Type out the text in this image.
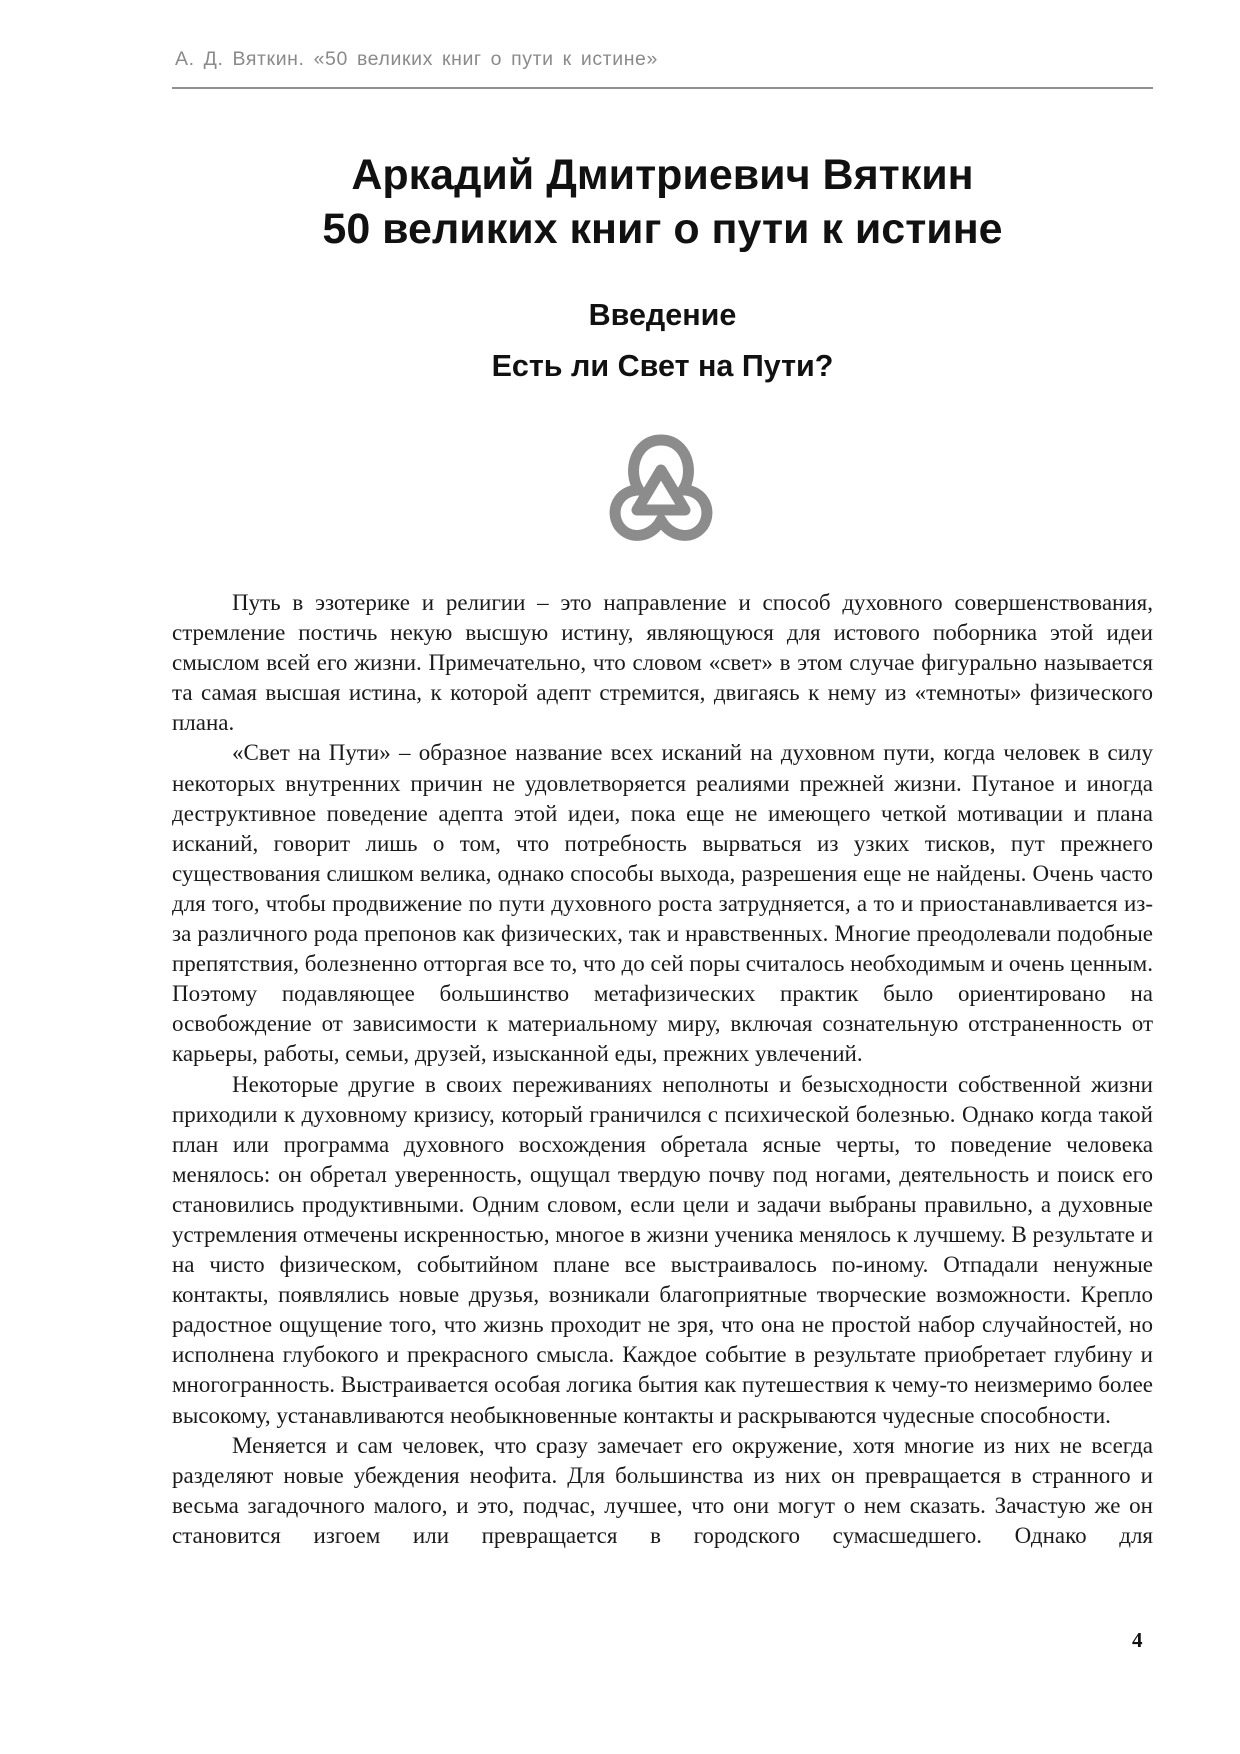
А. Д. Вяткин. «50 великих книг о пути к истине»
Аркадий Дмитриевич Вяткин
50 великих книг о пути к истине
Введение
Есть ли Свет на Пути?

Путь в эзотерике и религии – это направление и способ духовного совершенствования, стремление постичь некую высшую истину, являющуюся для истового поборника этой идеи смыслом всей его жизни. Примечательно, что словом «свет» в этом случае фигурально называется та самая высшая истина, к которой адепт стремится, двигаясь к нему из «темноты» физического плана.

«Свет на Пути» – образное название всех исканий на духовном пути, когда человек в силу некоторых внутренних причин не удовлетворяется реалиями прежней жизни. Путаное и иногда деструктивное поведение адепта этой идеи, пока еще не имеющего четкой мотивации и плана исканий, говорит лишь о том, что потребность вырваться из узких тисков, пут прежнего существования слишком велика, однако способы выхода, разрешения еще не найдены. Очень часто для того, чтобы продвижение по пути духовного роста затрудняется, а то и приостанавливается из-за различного рода препонов как физических, так и нравственных. Многие преодолевали подобные препятствия, болезненно отторгая все то, что до сей поры считалось необходимым и очень ценным. Поэтому подавляющее большинство метафизических практик было ориентировано на освобождение от зависимости к материальному миру, включая сознательную отстраненность от карьеры, работы, семьи, друзей, изысканной еды, прежних увлечений.

Некоторые другие в своих переживаниях неполноты и безысходности собственной жизни приходили к духовному кризису, который граничился с психической болезнью. Однако когда такой план или программа духовного восхождения обретала ясные черты, то поведение человека менялось: он обретал уверенность, ощущал твердую почву под ногами, деятельность и поиск его становились продуктивными. Одним словом, если цели и задачи выбраны правильно, а духовные устремления отмечены искренностью, многое в жизни ученика менялось к лучшему. В результате и на чисто физическом, событийном плане все выстраивалось по-иному. Отпадали ненужные контакты, появлялись новые друзья, возникали благоприятные творческие возможности. Крепло радостное ощущение того, что жизнь проходит не зря, что она не простой набор случайностей, но исполнена глубокого и прекрасного смысла. Каждое событие в результате приобретает глубину и многогранность. Выстраивается особая логика бытия как путешествия к чему-то неизмеримо более высокому, устанавливаются необыкновенные контакты и раскрываются чудесные способности.

Меняется и сам человек, что сразу замечает его окружение, хотя многие из них не всегда разделяют новые убеждения неофита. Для большинства из них он превращается в странного и весьма загадочного малого, и это, подчас, лучшее, что они могут о нем сказать. Зачастую же он становится изгоем или превращается в городского сумасшедшего. Однако для

4
